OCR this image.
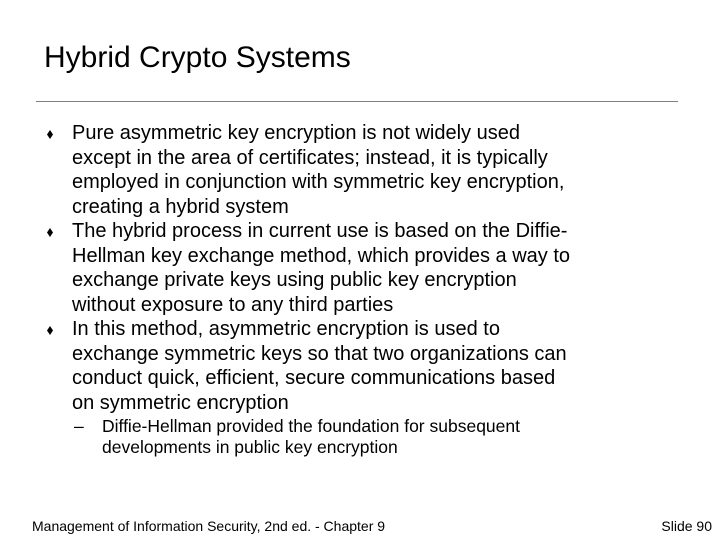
Hybrid Crypto Systems
Pure asymmetric key encryption is not widely used
except in the area of certificates; instead, it is typically
employed in conjunction with symmetric key encryption,
creating a hybrid system
The hybrid process in current use is based on the Diffie-
Hellman key exchange method, which provides a way to
exchange private keys using public key encryption
without exposure to any third parties
In this method, asymmetric encryption is used to
exchange symmetric keys so that two organizations can
conduct quick, efficient, secure communications based
on symmetric encryption
–	Diffie-Hellman provided the foundation for subsequent
developments in public key encryption
Management of Information Security, 2nd ed. - Chapter 9	Slide 90
